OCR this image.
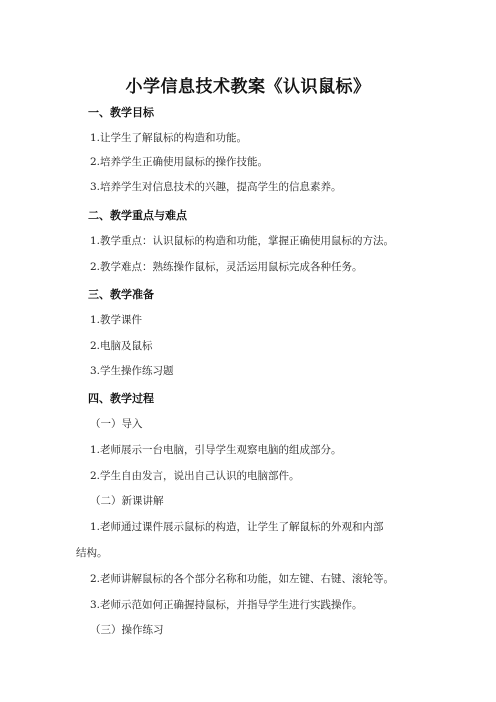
小学信息技术教案《认识鼠标》
一、教学目标
1.让学生了解鼠标的构造和功能。
2.培养学生正确使用鼠标的操作技能。
3.培养学生对信息技术的兴趣，提高学生的信息素养。
二、教学重点与难点
1.教学重点：认识鼠标的构造和功能，掌握正确使用鼠标的方法。
2.教学难点：熟练操作鼠标，灵活运用鼠标完成各种任务。
三、教学准备
1.教学课件
2.电脑及鼠标
3.学生操作练习题
四、教学过程
（一）导入
1.老师展示一台电脑，引导学生观察电脑的组成部分。
2.学生自由发言，说出自己认识的电脑部件。
（二）新课讲解
1.老师通过课件展示鼠标的构造，让学生了解鼠标的外观和内部
结构。
2.老师讲解鼠标的各个部分名称和功能，如左键、右键、滚轮等。
3.老师示范如何正确握持鼠标，并指导学生进行实践操作。
（三）操作练习
